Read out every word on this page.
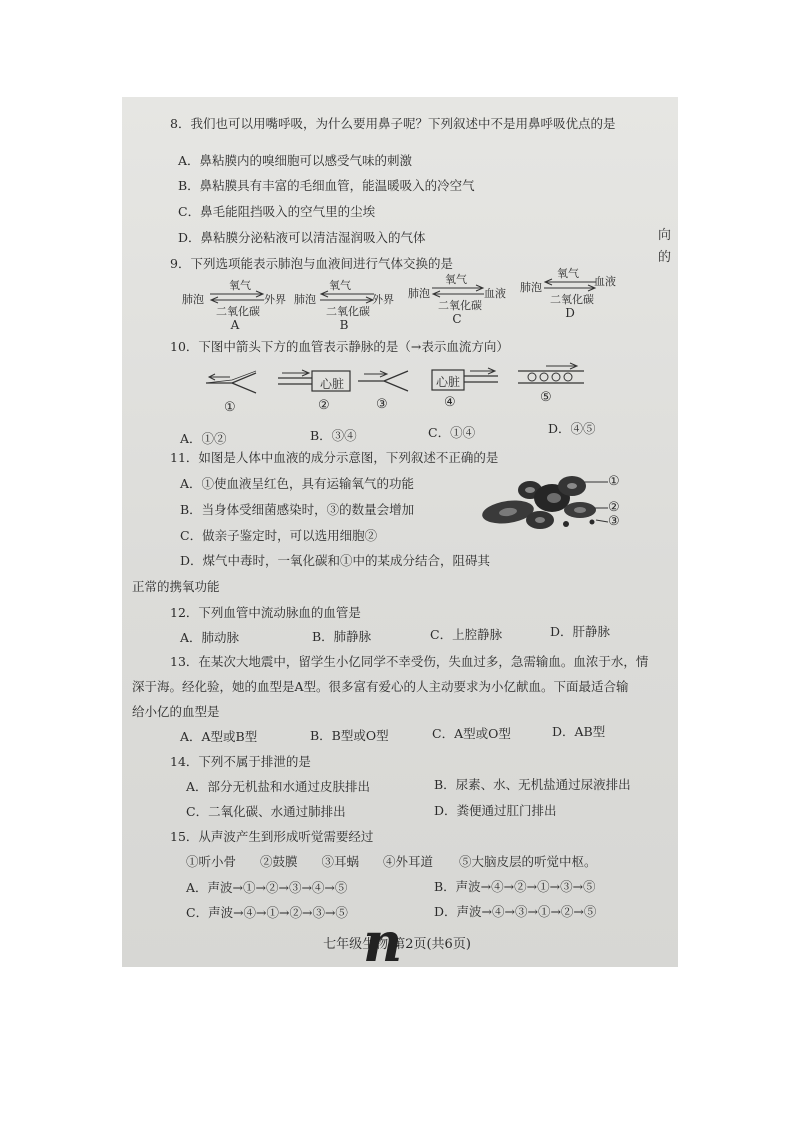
向
的
8．我们也可以用嘴呼吸，为什么要用鼻子呢？下列叙述中不是用鼻呼吸优点的是
A．鼻粘膜内的嗅细胞可以感受气味的刺激
B．鼻粘膜具有丰富的毛细血管，能温暖吸入的冷空气
C．鼻毛能阻挡吸入的空气里的尘埃
D．鼻粘膜分泌粘液可以清洁湿润吸入的气体
9．下列选项能表示肺泡与血液间进行气体交换的是
肺泡
氧气
外界
二氧化碳
A
肺泡
氧气
外界
二氧化碳
B
肺泡
氧气
血液
二氧化碳
C
肺泡
氧气
血液
二氧化碳
D
10．下图中箭头下方的血管表示静脉的是（→表示血流方向）
心脏	心脏
①	②	③	④	⑤
A．①②	B．③④	C．①④	D．④⑤
11．如图是人体中血液的成分示意图，下列叙述不正确的是
A．①使血液呈红色，具有运输氧气的功能
B．当身体受细菌感染时，③的数量会增加
C．做亲子鉴定时，可以选用细胞②
D．煤气中毒时，一氧化碳和①中的某成分结合，阻碍其
正常的携氧功能
①
②
③
12．下列血管中流动脉血的血管是
A．肺动脉	B．肺静脉	C．上腔静脉	D．肝静脉
13．在某次大地震中，留学生小亿同学不幸受伤，失血过多，急需输血。血浓于水，情
深于海。经化验，她的血型是A型。很多富有爱心的人主动要求为小亿献血。下面最适合输
给小亿的血型是
A．A型或B型	B．B型或O型	C．A型或O型	D．AB型
14．下列不属于排泄的是
A．部分无机盐和水通过皮肤排出	B．尿素、水、无机盐通过尿液排出
C．二氧化碳、水通过肺排出	D．粪便通过肛门排出
15．从声波产生到形成听觉需要经过
①听小骨 ②鼓膜 ③耳蜗 ④外耳道 ⑤大脑皮层的听觉中枢。
A．声波→①→②→③→④→⑤	B．声波→④→②→①→③→⑤
C．声波→④→①→②→③→⑤	D．声波→④→③→①→②→⑤
七年级生物 第2页(共6页)
n
